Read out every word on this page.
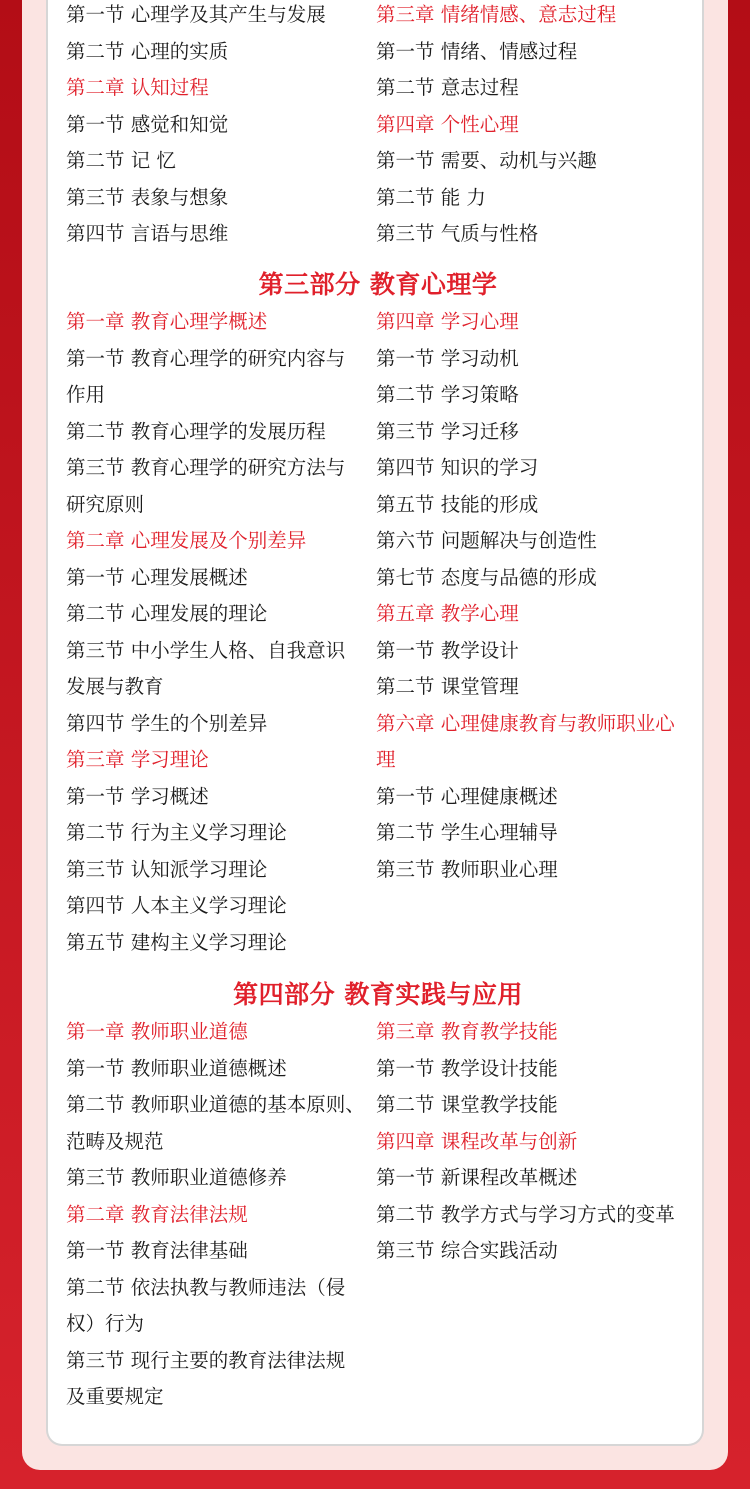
第一节 心理学及其产生与发展
第二节 心理的实质
第二章 认知过程
第一节 感觉和知觉
第二节 记 忆
第三节 表象与想象
第四节 言语与思维
第三章 情绪情感、意志过程
第一节 情绪、情感过程
第二节 意志过程
第四章 个性心理
第一节 需要、动机与兴趣
第二节 能 力
第三节 气质与性格
第三部分 教育心理学
第一章 教育心理学概述
第一节 教育心理学的研究内容与
作用
第二节 教育心理学的发展历程
第三节 教育心理学的研究方法与
研究原则
第二章 心理发展及个别差异
第一节 心理发展概述
第二节 心理发展的理论
第三节 中小学生人格、自我意识
发展与教育
第四节 学生的个别差异
第三章 学习理论
第一节 学习概述
第二节 行为主义学习理论
第三节 认知派学习理论
第四节 人本主义学习理论
第五节 建构主义学习理论
第四章 学习心理
第一节 学习动机
第二节 学习策略
第三节 学习迁移
第四节 知识的学习
第五节 技能的形成
第六节 问题解决与创造性
第七节 态度与品德的形成
第五章 教学心理
第一节 教学设计
第二节 课堂管理
第六章 心理健康教育与教师职业心
理
第一节 心理健康概述
第二节 学生心理辅导
第三节 教师职业心理
第四部分 教育实践与应用
第一章 教师职业道德
第一节 教师职业道德概述
第二节 教师职业道德的基本原则、
范畴及规范
第三节 教师职业道德修养
第二章 教育法律法规
第一节 教育法律基础
第二节 依法执教与教师违法（侵
权）行为
第三节 现行主要的教育法律法规
及重要规定
第三章 教育教学技能
第一节 教学设计技能
第二节 课堂教学技能
第四章 课程改革与创新
第一节 新课程改革概述
第二节 教学方式与学习方式的变革
第三节 综合实践活动
